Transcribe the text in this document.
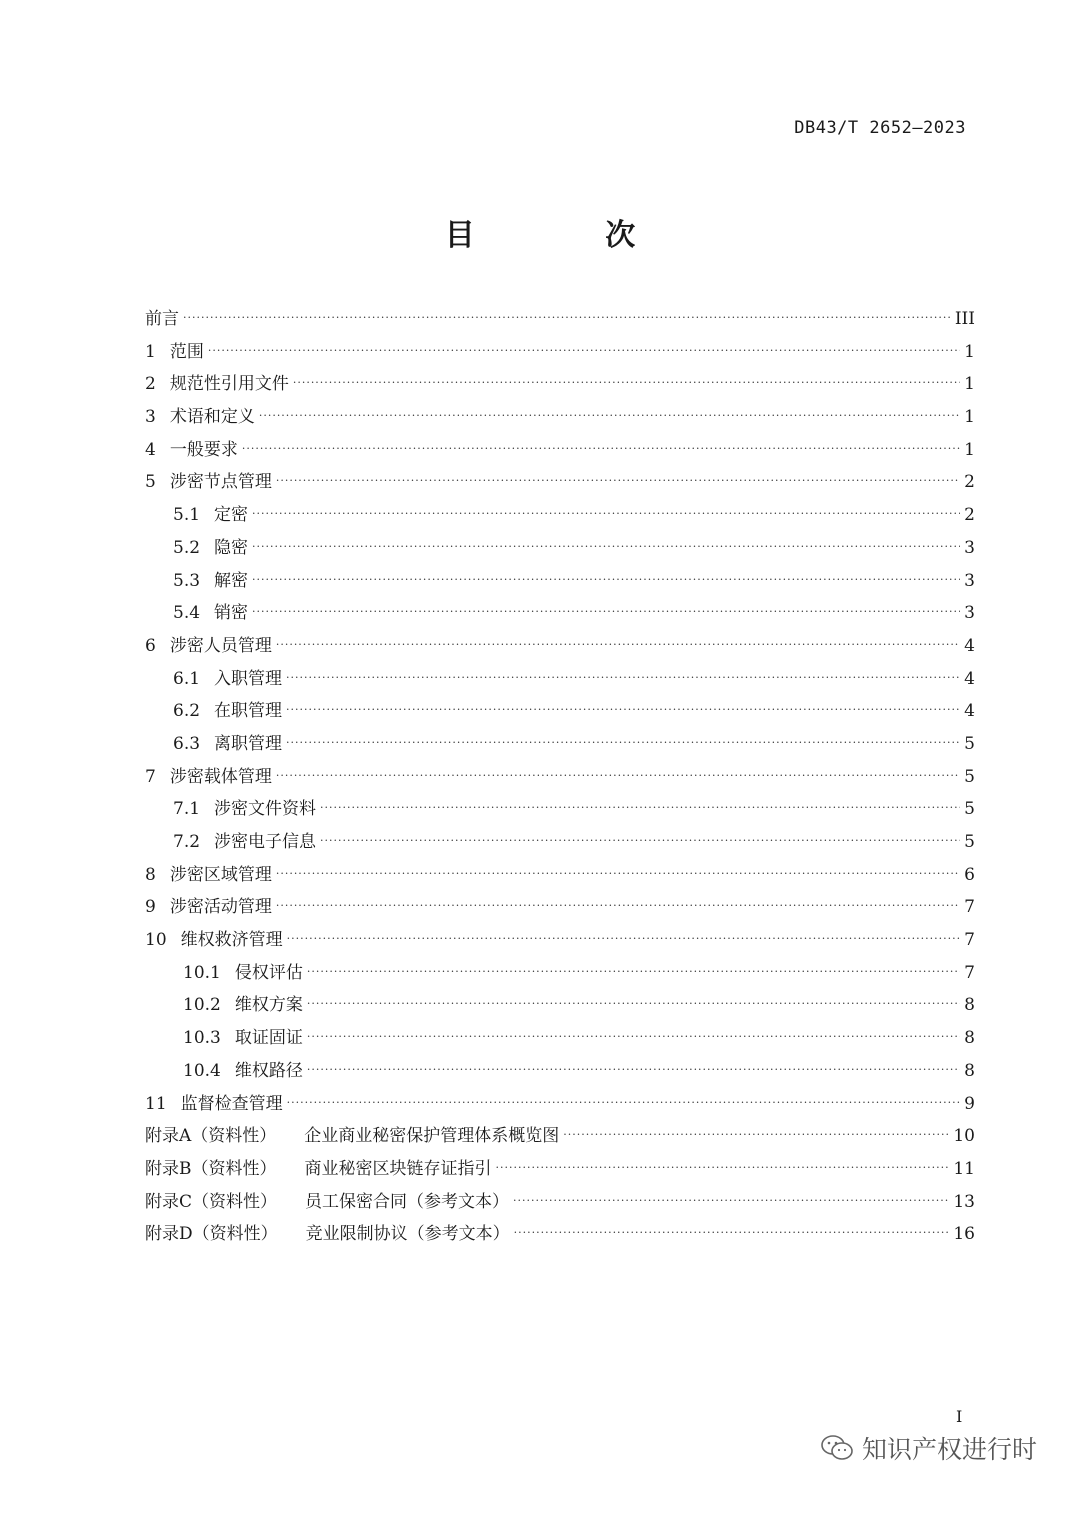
DB43/T 2652—2023
目 次
前言 ·····	III
1 范围 ·····	1
2 规范性引用文件 ·····	1
3 术语和定义 ·····	1
4 一般要求 ·····	1
5 涉密节点管理 ·····	2
5.1 定密 ·····	2
5.2 隐密 ·····	3
5.3 解密 ·····	3
5.4 销密 ·····	3
6 涉密人员管理 ·····	4
6.1 入职管理 ·····	4
6.2 在职管理 ·····	4
6.3 离职管理 ·····	5
7 涉密载体管理 ·····	5
7.1 涉密文件资料 ·····	5
7.2 涉密电子信息 ·····	5
8 涉密区域管理 ·····	6
9 涉密活动管理 ·····	7
10 维权救济管理 ·····	7
10.1 侵权评估 ·····	7
10.2 维权方案 ·····	8
10.3 取证固证 ·····	8
10.4 维权路径 ·····	8
11 监督检查管理 ·····	9
附录A（资料性） 企业商业秘密保护管理体系概览图 ·····	10
附录B（资料性） 商业秘密区块链存证指引 ·····	11
附录C（资料性） 员工保密合同（参考文本） ·····	13
附录D（资料性） 竞业限制协议（参考文本） ·····	16
I
知识产权进行时
